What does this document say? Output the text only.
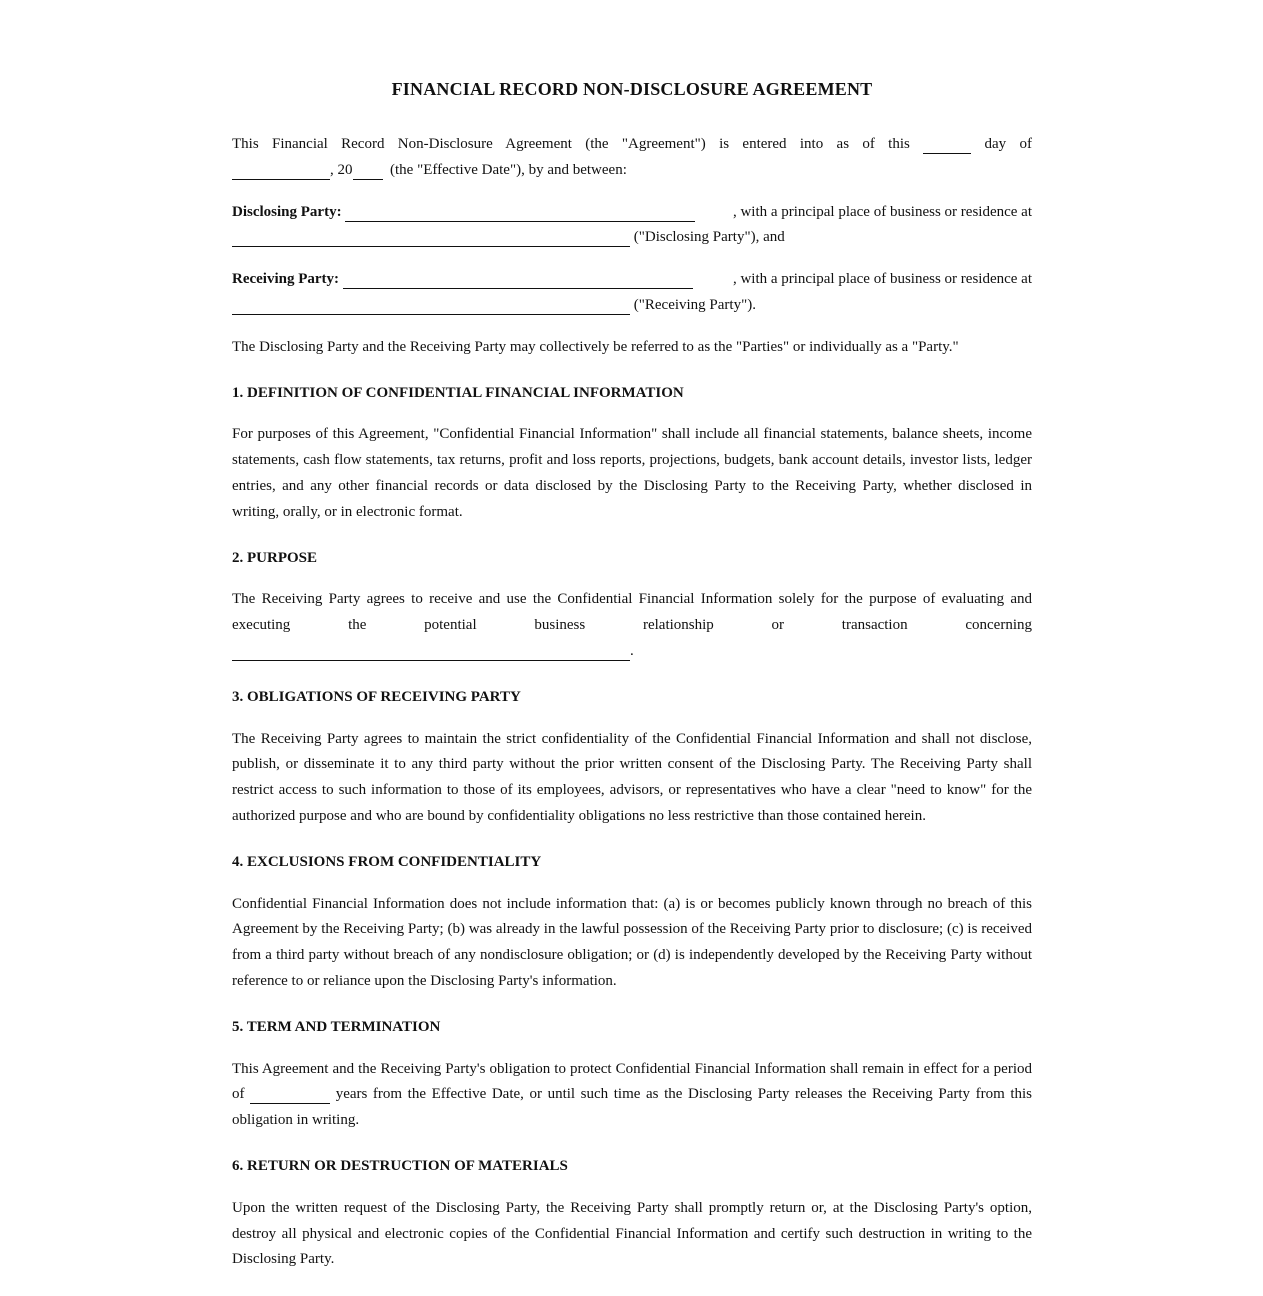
FINANCIAL RECORD NON-DISCLOSURE AGREEMENT

This Financial Record Non-Disclosure Agreement (the "Agreement") is entered into as of this	day of

, 20	(the "Effective Date"), by and between:

Disclosing Party:	, with a principal place of business or residence at

("Disclosing Party"), and

Receiving Party:	, with a principal place of business or residence at

("Receiving Party").

The Disclosing Party and the Receiving Party may collectively be referred to as the "Parties" or individually as a "Party."

1. DEFINITION OF CONFIDENTIAL FINANCIAL INFORMATION

For purposes of this Agreement, "Confidential Financial Information" shall include all financial statements, balance sheets, income statements, cash flow statements, tax returns, profit and loss reports, projections, budgets, bank account details, investor lists, ledger entries, and any other financial records or data disclosed by the Disclosing Party to the Receiving Party, whether disclosed in writing, orally, or in electronic format.

2. PURPOSE

The Receiving Party agrees to receive and use the Confidential Financial Information solely for the purpose of evaluating and executing the potential business relationship or transaction concerning

.

3. OBLIGATIONS OF RECEIVING PARTY

The Receiving Party agrees to maintain the strict confidentiality of the Confidential Financial Information and shall not disclose, publish, or disseminate it to any third party without the prior written consent of the Disclosing Party. The Receiving Party shall restrict access to such information to those of its employees, advisors, or representatives who have a clear "need to know" for the authorized purpose and who are bound by confidentiality obligations no less restrictive than those contained herein.

4. EXCLUSIONS FROM CONFIDENTIALITY

Confidential Financial Information does not include information that: (a) is or becomes publicly known through no breach of this Agreement by the Receiving Party; (b) was already in the lawful possession of the Receiving Party prior to disclosure; (c) is received from a third party without breach of any nondisclosure obligation; or (d) is independently developed by the Receiving Party without reference to or reliance upon the Disclosing Party's information.

5. TERM AND TERMINATION

This Agreement and the Receiving Party's obligation to protect Confidential Financial Information shall remain in effect for a period of	years from the Effective Date, or until such time as the Disclosing Party releases the Receiving Party from this obligation in writing.

6. RETURN OR DESTRUCTION OF MATERIALS

Upon the written request of the Disclosing Party, the Receiving Party shall promptly return or, at the Disclosing Party's option, destroy all physical and electronic copies of the Confidential Financial Information and certify such destruction in writing to the Disclosing Party.
